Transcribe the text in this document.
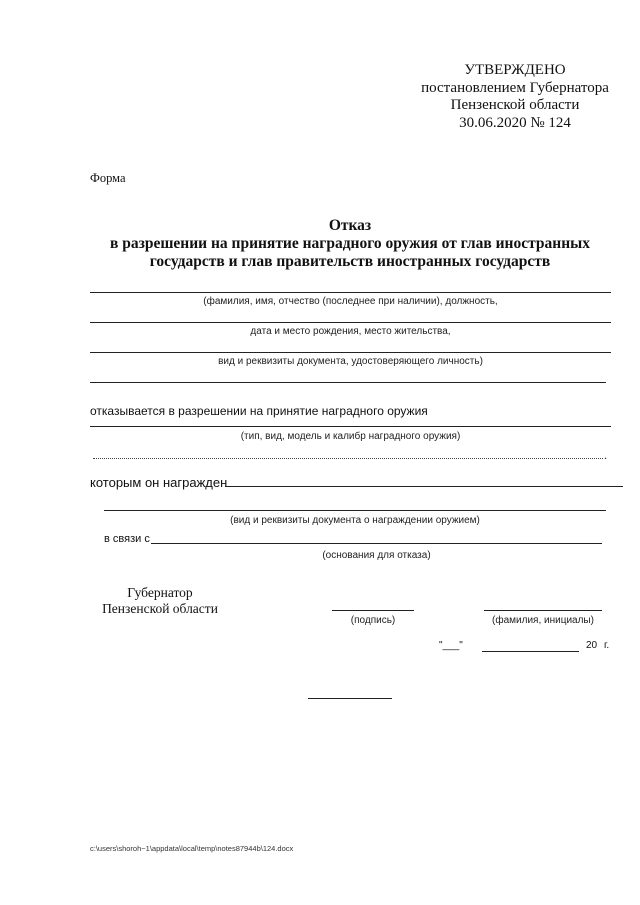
УТВЕРЖДЕНО
постановлением Губернатора
Пензенской области
30.06.2020 № 124
Форма
Отказ
в разрешении на принятие наградного оружия от глав иностранных
государств и глав правительств иностранных государств
(фамилия, имя, отчество (последнее при наличии), должность,
дата и место рождения, место жительства,
вид и реквизиты документа, удостоверяющего личность)
отказывается в разрешении на принятие наградного оружия
(тип, вид, модель и калибр наградного оружия)
.
которым он награжден
(вид и реквизиты документа о награждении оружием)
в связи с
(основания для отказа)
Губернатор
Пензенской области
(подпись)	(фамилия, инициалы)
"___"	20 г.
c:\users\shoroh~1\appdata\local\temp\notes87944b\124.docx
